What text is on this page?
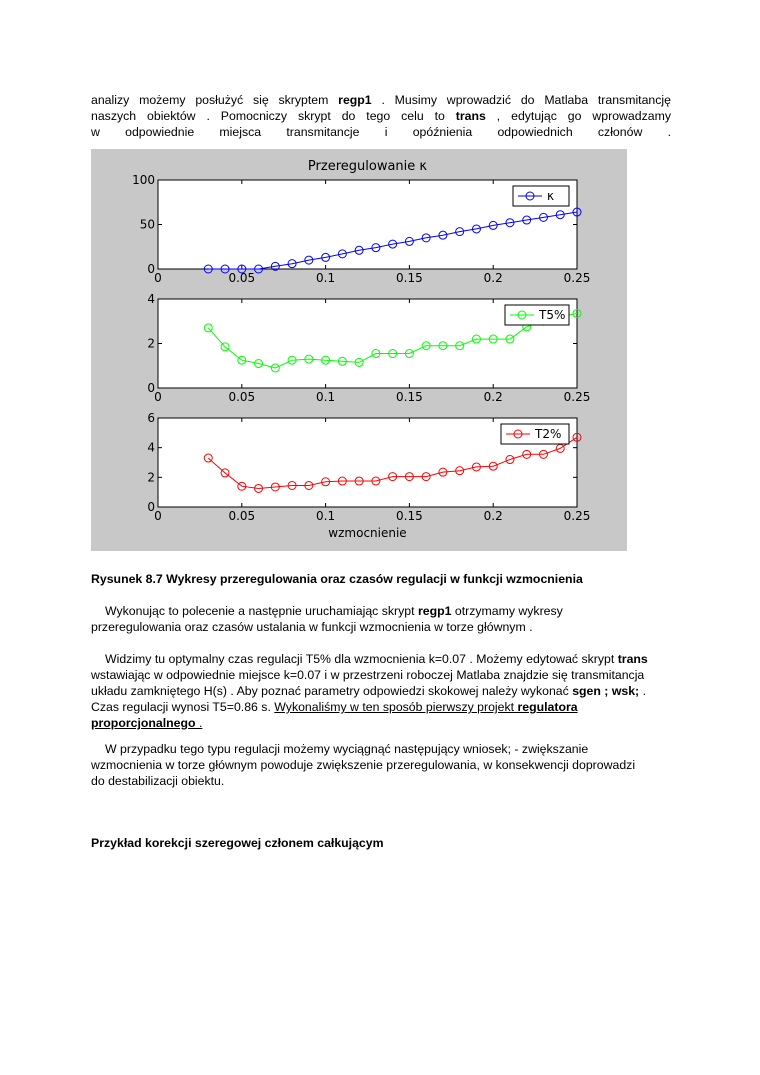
analizy możemy posłużyć się skryptem regp1 . Musimy wprowadzić do Matlaba transmitancję
naszych obiektów . Pomocniczy skrypt do tego celu to trans , edytując go wprowadzamy
w odpowiednie miejsca transmitancje i opóźnienia odpowiednich członów .
0	0.05	0.1	0.15	0.2	0.25
0
50
100
κ
Przeregulowanie κ
0	0.05	0.1	0.15	0.2	0.25
0
2
4
T5%
0	0.05	0.1	0.15	0.2	0.25
0
2
4
6
T2%
wzmocnienie
Rysunek 8.7 Wykresy przeregulowania oraz czasów regulacji w funkcji wzmocnienia
Wykonując to polecenie a następnie uruchamiając skrypt regp1 otrzymamy wykresy
przeregulowania oraz czasów ustalania w funkcji wzmocnienia w torze głównym .
Widzimy tu optymalny czas regulacji T5% dla wzmocnienia k=0.07 . Możemy edytować skrypt trans
wstawiając w odpowiednie miejsce k=0.07 i w przestrzeni roboczej Matlaba znajdzie się transmitancja
układu zamkniętego H(s) . Aby poznać parametry odpowiedzi skokowej należy wykonać sgen ; wsk; .
Czas regulacji wynosi T5=0.86 s. Wykonaliśmy w ten sposób pierwszy projekt regulatora
proporcjonalnego .
W przypadku tego typu regulacji możemy wyciągnąć następujący wniosek; - zwiększanie
wzmocnienia w torze głównym powoduje zwiększenie przeregulowania, w konsekwencji doprowadzi
do destabilizacji obiektu.
Przykład korekcji szeregowej członem całkującym
